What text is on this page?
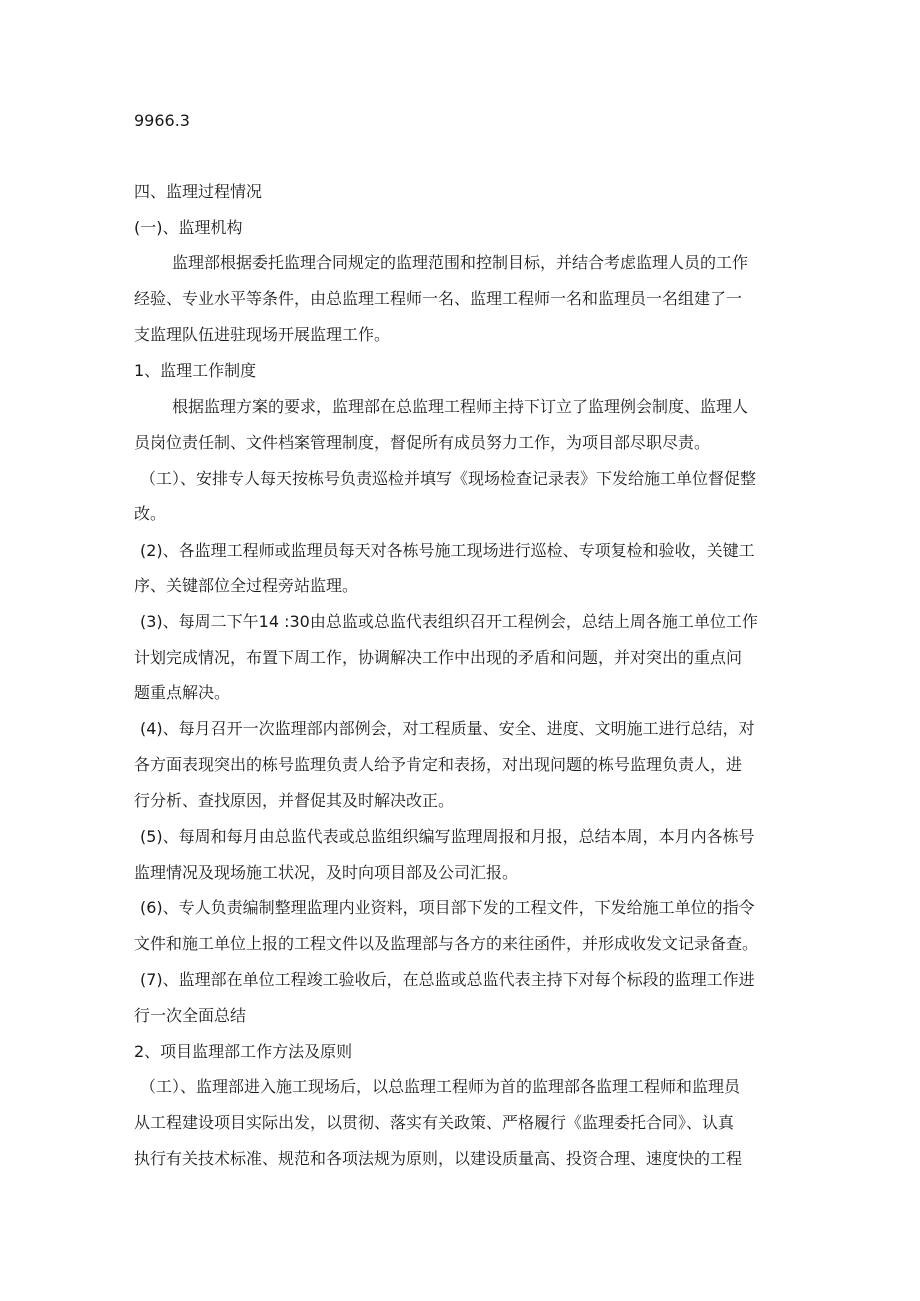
9966.3
四、监理过程情况
(一)、监理机构
监理部根据委托监理合同规定的监理范围和控制目标，并结合考虑监理人员的工作
经验、专业水平等条件，由总监理工程师一名、监理工程师一名和监理员一名组建了一
支监理队伍进驻现场开展监理工作。
1、监理工作制度
根据监理方案的要求，监理部在总监理工程师主持下订立了监理例会制度、监理人
员岗位责任制、文件档案管理制度，督促所有成员努力工作，为项目部尽职尽责。
（工）、安排专人每天按栋号负责巡检并填写《现场检查记录表》下发给施工单位督促整
改。
(2)、各监理工程师或监理员每天对各栋号施工现场进行巡检、专项复检和验收，关键工
序、关键部位全过程旁站监理。
(3)、每周二下午14 :30由总监或总监代表组织召开工程例会，总结上周各施工单位工作
计划完成情况，布置下周工作，协调解决工作中出现的矛盾和问题，并对突出的重点问
题重点解决。
(4)、每月召开一次监理部内部例会，对工程质量、安全、进度、文明施工进行总结，对
各方面表现突出的栋号监理负责人给予肯定和表扬，对出现问题的栋号监理负责人，进
行分析、查找原因，并督促其及时解决改正。
(5)、每周和每月由总监代表或总监组织编写监理周报和月报，总结本周，本月内各栋号
监理情况及现场施工状况，及时向项目部及公司汇报。
(6)、专人负责编制整理监理内业资料，项目部下发的工程文件，下发给施工单位的指令
文件和施工单位上报的工程文件以及监理部与各方的来往函件，并形成收发文记录备查。
(7)、监理部在单位工程竣工验收后，在总监或总监代表主持下对每个标段的监理工作进
行一次全面总结
2、项目监理部工作方法及原则
（工）、监理部进入施工现场后，以总监理工程师为首的监理部各监理工程师和监理员
从工程建设项目实际出发，以贯彻、落实有关政策、严格履行《监理委托合同》、认真
执行有关技术标准、规范和各项法规为原则，以建设质量高、投资合理、速度快的工程
